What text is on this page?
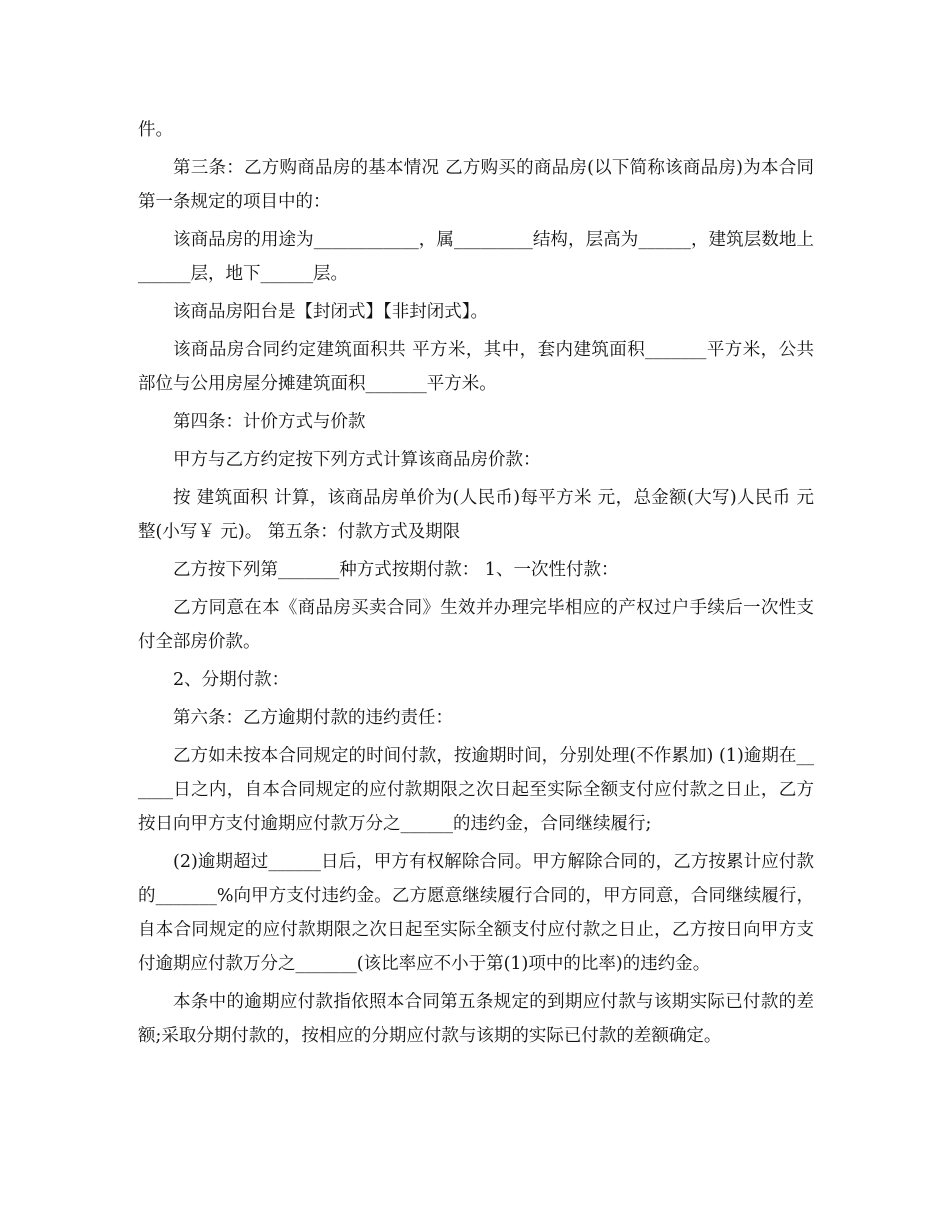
件。

第三条：乙方购商品房的基本情况 乙方购买的商品房(以下简称该商品房)为本合同第一条规定的项目中的：

该商品房的用途为____________，属_________结构，层高为______，建筑层数地上______层，地下______层。

该商品房阳台是【封闭式】【非封闭式】。

该商品房合同约定建筑面积共 平方米，其中，套内建筑面积_______平方米，公共部位与公用房屋分摊建筑面积_______平方米。

第四条：计价方式与价款

甲方与乙方约定按下列方式计算该商品房价款：

按 建筑面积 计算，该商品房单价为(人民币)每平方米 元，总金额(大写)人民币 元整(小写￥ 元)。 第五条：付款方式及期限

乙方按下列第_______种方式按期付款： 1、一次性付款：

乙方同意在本《商品房买卖合同》生效并办理完毕相应的产权过户手续后一次性支付全部房价款。

2、分期付款：

第六条：乙方逾期付款的违约责任：

乙方如未按本合同规定的时间付款，按逾期时间，分别处理(不作累加) (1)逾期在______日之内，自本合同规定的应付款期限之次日起至实际全额支付应付款之日止，乙方按日向甲方支付逾期应付款万分之______的违约金，合同继续履行;

(2)逾期超过______日后，甲方有权解除合同。甲方解除合同的，乙方按累计应付款的_______%向甲方支付违约金。乙方愿意继续履行合同的，甲方同意，合同继续履行，自本合同规定的应付款期限之次日起至实际全额支付应付款之日止，乙方按日向甲方支付逾期应付款万分之_______(该比率应不小于第(1)项中的比率)的违约金。

本条中的逾期应付款指依照本合同第五条规定的到期应付款与该期实际已付款的差额;采取分期付款的，按相应的分期应付款与该期的实际已付款的差额确定。
